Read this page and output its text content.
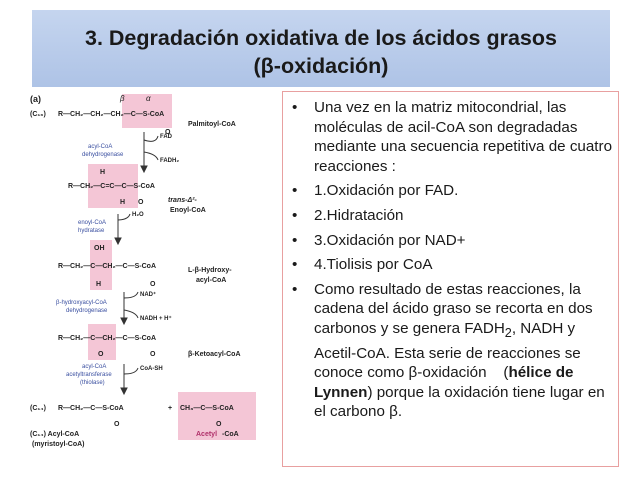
3. Degradación oxidativa de los ácidos grasos
(β-oxidación)
(a)	β	α
(C₁₆) R—CH₂—CH₂—CH₂—C—S-CoA
O
Palmitoyl-CoA
acyl-CoA
dehydrogenase
FAD
FADH₂
H
R—CH₂—C=C—C—S-CoA
H O	trans-Δ²-
Enoyl-CoA
enoyl-CoA
hydratase
H₂O
OH
R—CH₂—C—CH₂—C—S-CoA
H	O
L-β-Hydroxy-
acyl-CoA
β-hydroxyacyl-CoA
dehydrogenase
NAD⁺
NADH + H⁺
R—CH₂—C—CH₂—C—S-CoA
O	O	β-Ketoacyl-CoA
acyl-CoA
acetyltransferase
(thiolase)
CoA-SH
(C₁₄) R—CH₂—C—S-CoA	+ CH₃—C—S-CoA
O	O
(C₁₄) Acyl-CoA
(myristoyl-CoA)
Acetyl -CoA
• Una vez en la matriz mitocondrial, las moléculas de acil-CoA son degradadas mediante una secuencia repetitiva de cuatro reacciones :
• 1.Oxidación por FAD.
• 2.Hidratación
• 3.Oxidación por NAD+
• 4.Tiolisis por CoA
• Como resultado de estas reacciones, la cadena del ácido graso se recorta en dos carbonos y se genera $FADH_2$, NADH y Acetil-CoA. Esta serie de reacciones se conoce como β-oxidación    (hélice de Lynnen) porque la oxidación tiene lugar en el carbono β.
